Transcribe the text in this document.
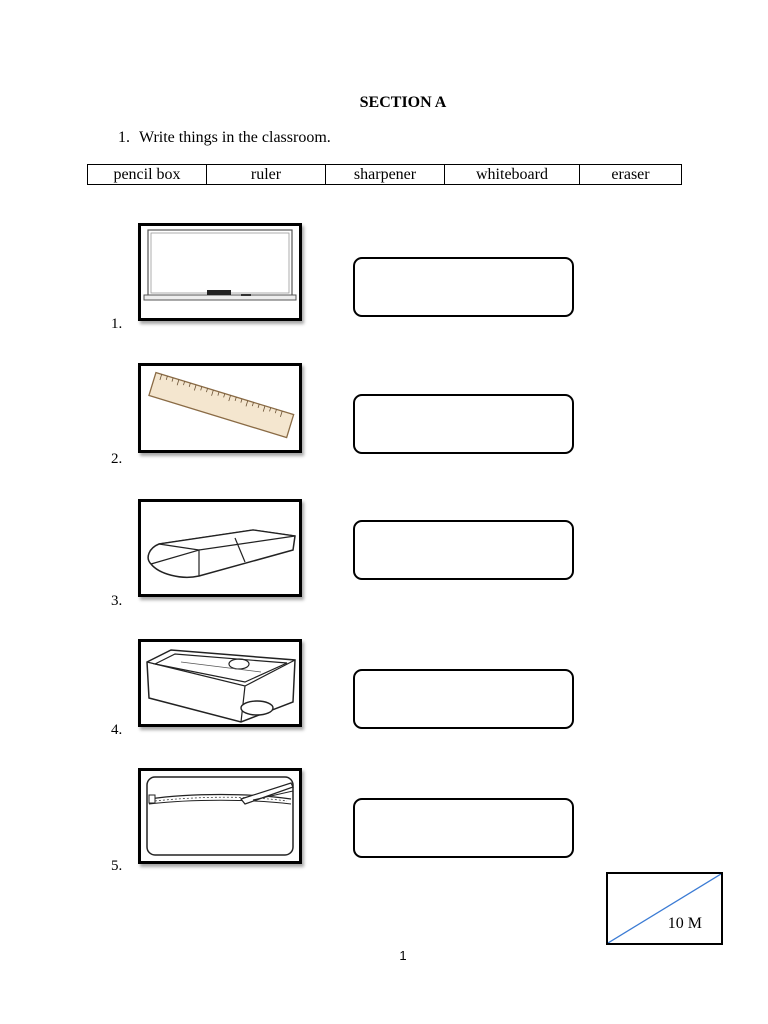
SECTION A
1. Write things in the classroom.
pencil box	ruler	sharpener	whiteboard	eraser
1.
2.
3.
4.
5.
10 M
1
